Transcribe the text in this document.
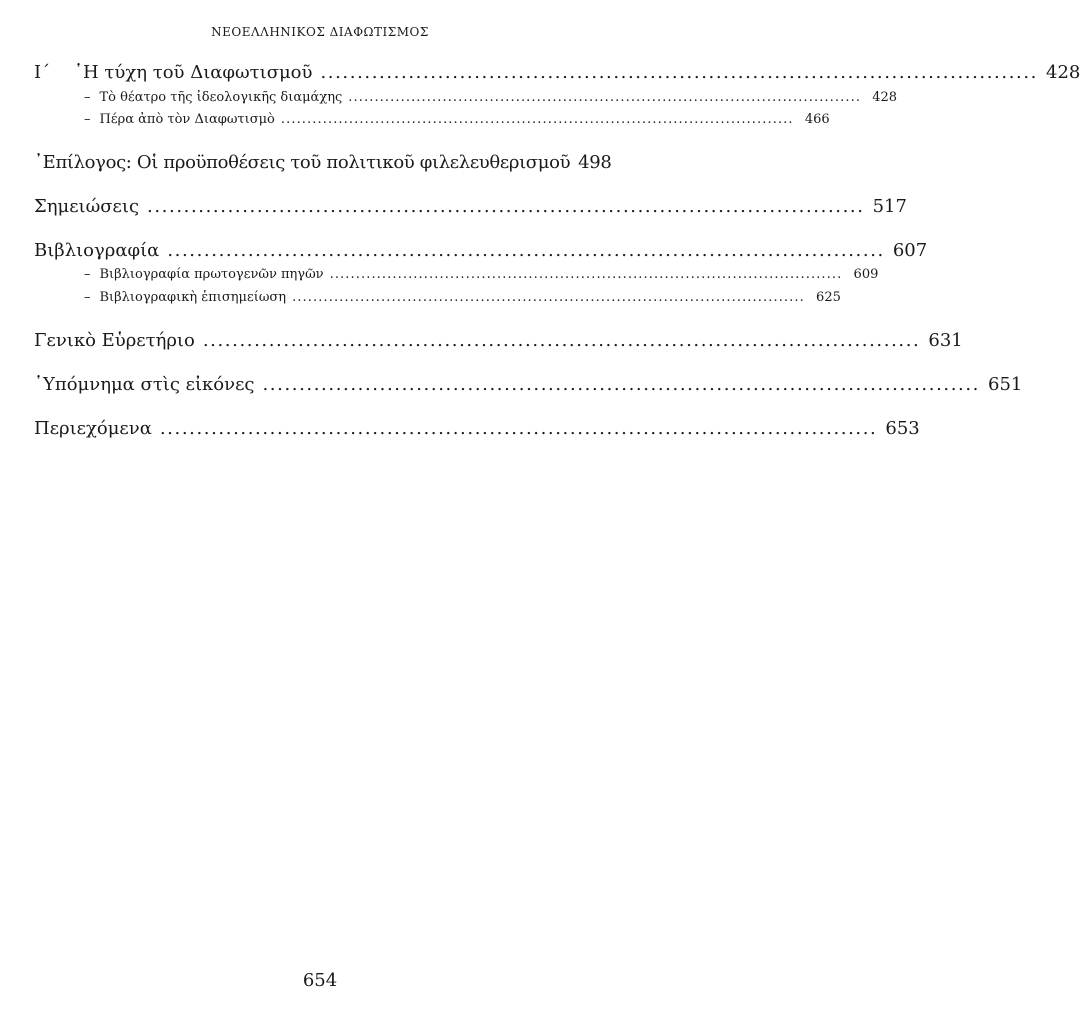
ΝΕΟΕΛΛΗΝΙΚΟΣ ΔΙΑΦΩΤΙΣΜΟΣ
Ι΄	῾Η τύχη τοῦ Διαφωτισμοῦ .................................................................................................. 428
– Τὸ θέατρο τῆς ἰδεολογικῆς διαμάχης .................................................................................................. 428
– Πέρα ἀπὸ τὸν Διαφωτισμὸ .................................................................................................. 466
᾿Επίλογος: Οἱ προϋποθέσεις τοῦ πολιτικοῦ φιλελευθερισμοῦ 498
Σημειώσεις .................................................................................................. 517
Βιβλιογραφία .................................................................................................. 607
– Βιβλιογραφία πρωτογενῶν πηγῶν .................................................................................................. 609
– Βιβλιογραφικὴ ἐπισημείωση .................................................................................................. 625
Γενικὸ Εὑρετήριο .................................................................................................. 631
῾Υπόμνημα στὶς εἰκόνες .................................................................................................. 651
Περιεχόμενα .................................................................................................. 653
654
